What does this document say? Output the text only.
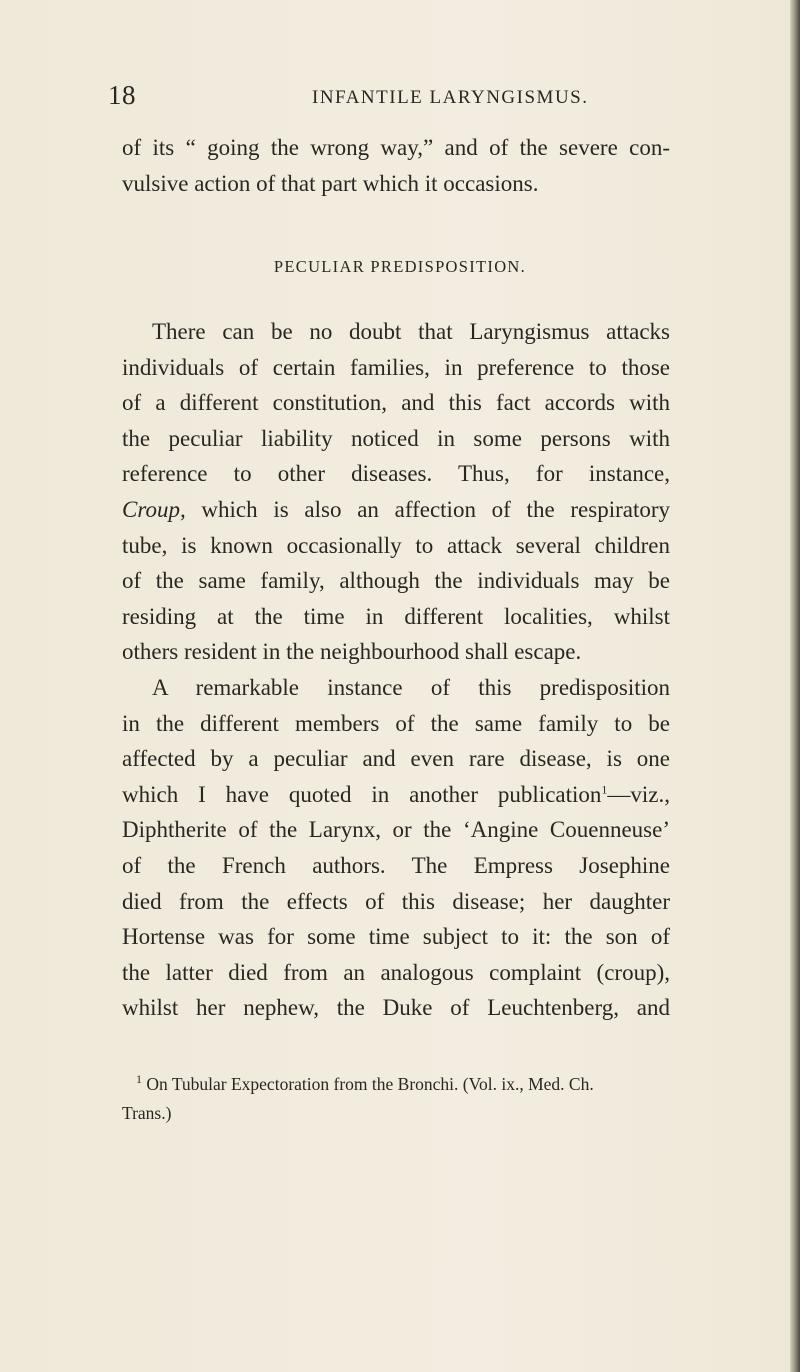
18	INFANTILE LARYNGISMUS.
of its “ going the wrong way,” and of the severe con-
vulsive action of that part which it occasions.
PECULIAR PREDISPOSITION.
There can be no doubt that Laryngismus attacks
individuals of certain families, in preference to those
of a different constitution, and this fact accords with
the peculiar liability noticed in some persons with
reference to other diseases. Thus, for instance,
Croup, which is also an affection of the respiratory
tube, is known occasionally to attack several children
of the same family, although the individuals may be
residing at the time in different localities, whilst
others resident in the neighbourhood shall escape.
A remarkable instance of this predisposition
in the different members of the same family to be
affected by a peculiar and even rare disease, is one
which I have quoted in another publication$^1$—viz.,
Diphtherite of the Larynx, or the ‘Angine Couenneuse’
of the French authors. The Empress Josephine
died from the effects of this disease; her daughter
Hortense was for some time subject to it: the son of
the latter died from an analogous complaint (croup),
whilst her nephew, the Duke of Leuchtenberg, and
$^1$ On Tubular Expectoration from the Bronchi. (Vol. ix., Med. Ch.
Trans.)
